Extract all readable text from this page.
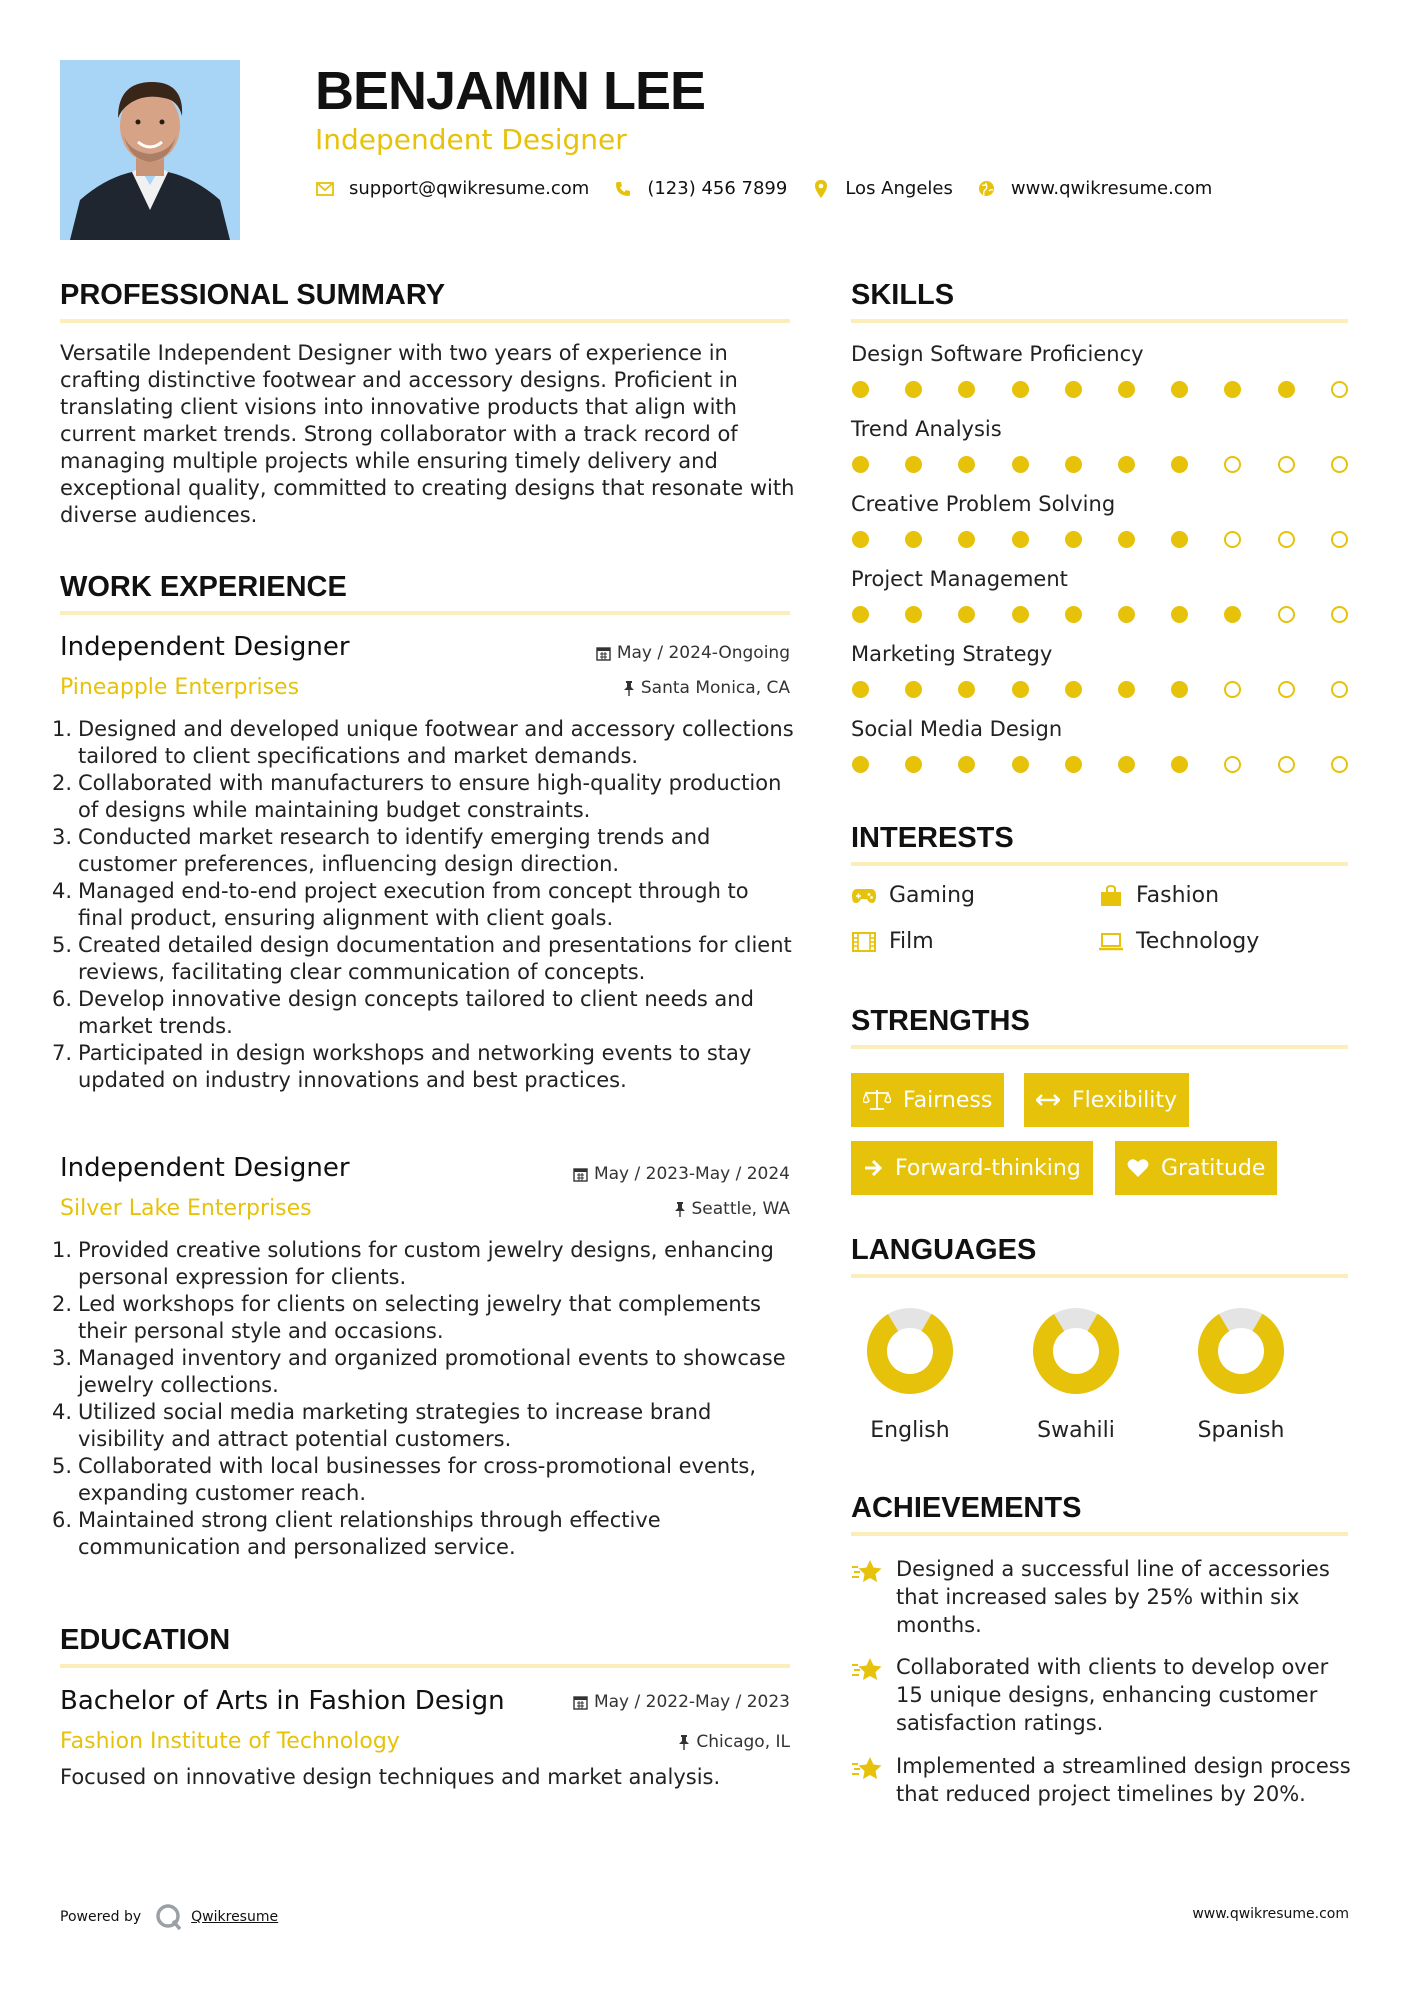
BENJAMIN LEE
Independent Designer
support@qwikresume.com	(123) 456 7899	Los Angeles	www.qwikresume.com
PROFESSIONAL SUMMARY
Versatile Independent Designer with two years of experience in crafting distinctive footwear and accessory designs. Proficient in translating client visions into innovative products that align with current market trends. Strong collaborator with a track record of managing multiple projects while ensuring timely delivery and exceptional quality, committed to creating designs that resonate with diverse audiences.
WORK EXPERIENCE
Independent Designer	May / 2024-Ongoing
Pineapple Enterprises	Santa Monica, CA
1. Designed and developed unique footwear and accessory collections tailored to client specifications and market demands.
2. Collaborated with manufacturers to ensure high-quality production of designs while maintaining budget constraints.
3. Conducted market research to identify emerging trends and customer preferences, influencing design direction.
4. Managed end-to-end project execution from concept through to final product, ensuring alignment with client goals.
5. Created detailed design documentation and presentations for client reviews, facilitating clear communication of concepts.
6. Develop innovative design concepts tailored to client needs and market trends.
7. Participated in design workshops and networking events to stay updated on industry innovations and best practices.
Independent Designer	May / 2023-May / 2024
Silver Lake Enterprises	Seattle, WA
1. Provided creative solutions for custom jewelry designs, enhancing personal expression for clients.
2. Led workshops for clients on selecting jewelry that complements their personal style and occasions.
3. Managed inventory and organized promotional events to showcase jewelry collections.
4. Utilized social media marketing strategies to increase brand visibility and attract potential customers.
5. Collaborated with local businesses for cross-promotional events, expanding customer reach.
6. Maintained strong client relationships through effective communication and personalized service.
EDUCATION
Bachelor of Arts in Fashion Design	May / 2022-May / 2023
Fashion Institute of Technology	Chicago, IL
Focused on innovative design techniques and market analysis.
SKILLS
Design Software Proficiency
Trend Analysis
Creative Problem Solving
Project Management
Marketing Strategy
Social Media Design
INTERESTS
Gaming	Fashion
Film	Technology
STRENGTHS
Fairness	Flexibility
Forward-thinking	Gratitude
LANGUAGES
English	Swahili	Spanish
ACHIEVEMENTS
Designed a successful line of accessories that increased sales by 25% within six months.
Collaborated with clients to develop over 15 unique designs, enhancing customer satisfaction ratings.
Implemented a streamlined design process that reduced project timelines by 20%.
Powered by	Qwikresume	www.qwikresume.com
